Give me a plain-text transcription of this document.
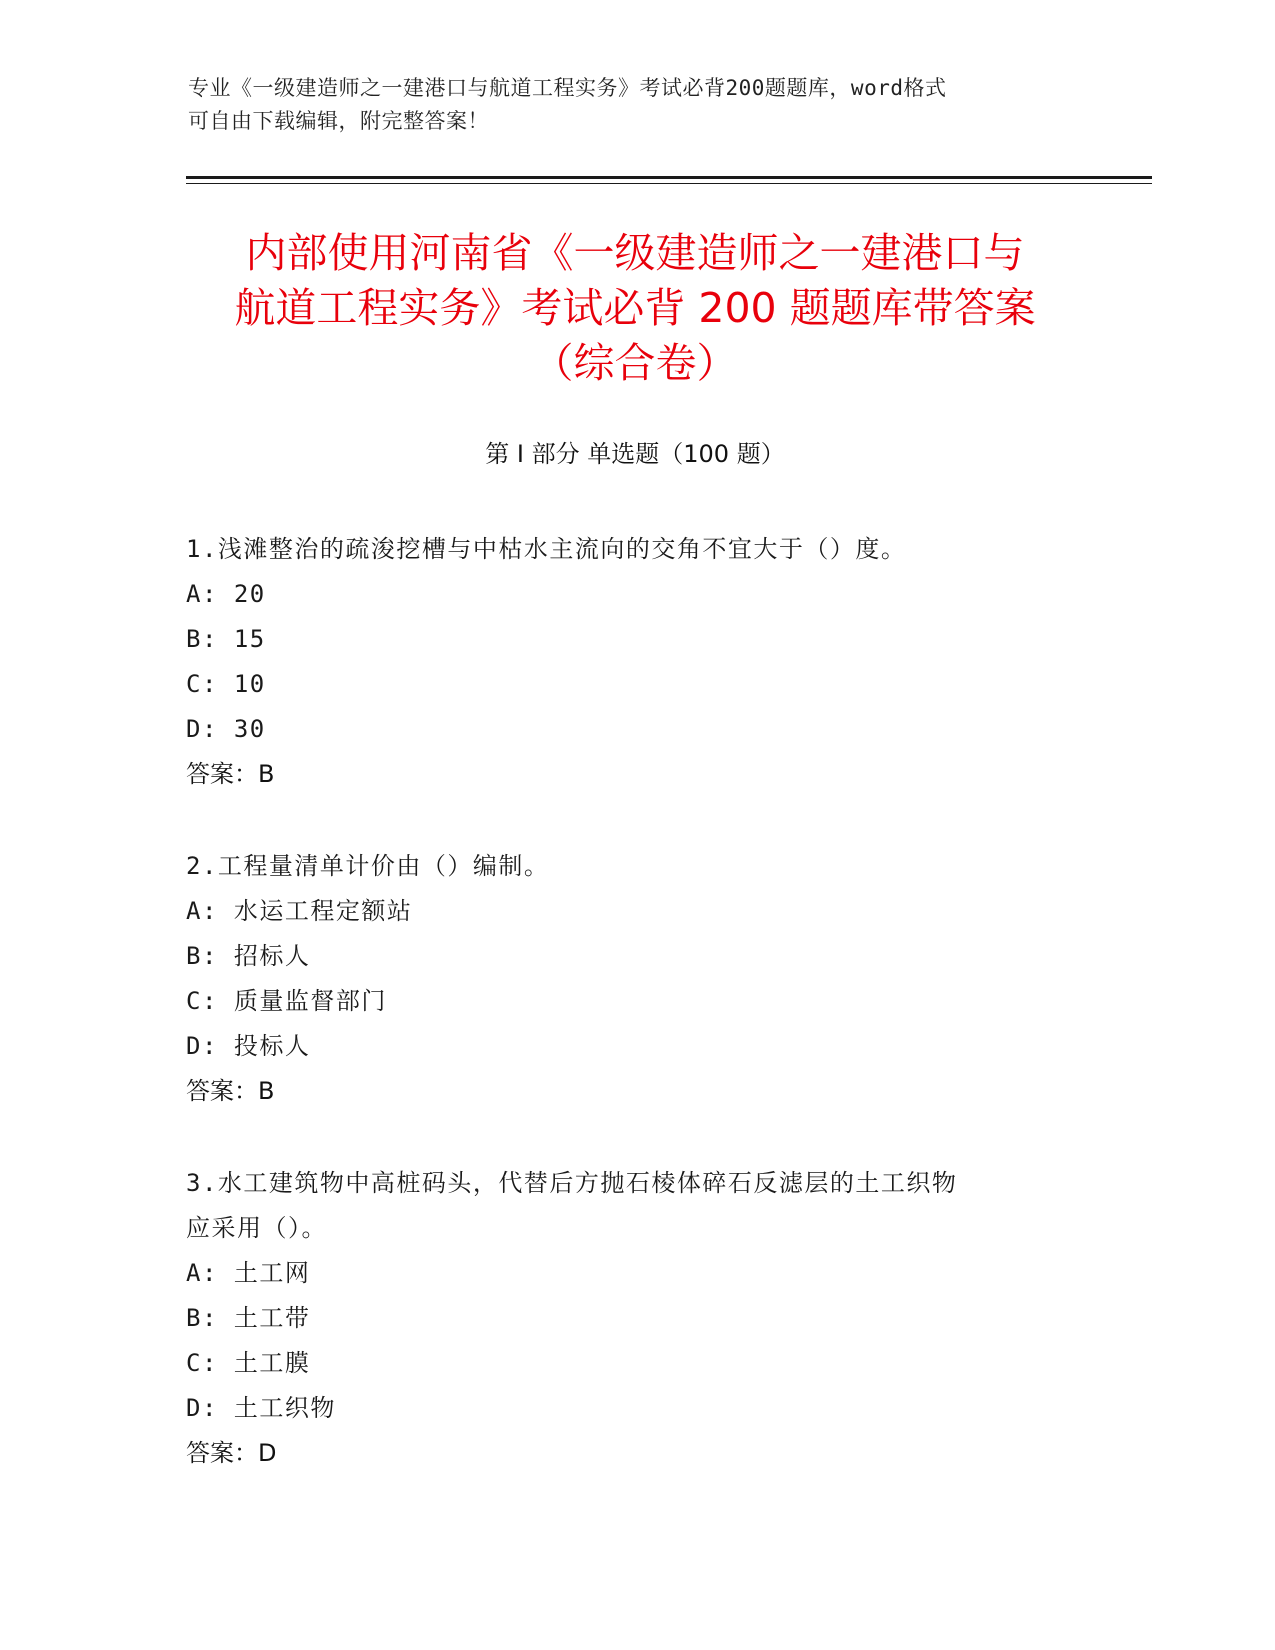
专业《一级建造师之一建港口与航道工程实务》考试必背200题题库，word格式
可自由下载编辑，附完整答案！
内部使用河南省《一级建造师之一建港口与
航道工程实务》考试必背 200 题题库带答案
（综合卷）
第 I 部分 单选题（100 题）
1.浅滩整治的疏浚挖槽与中枯水主流向的交角不宜大于（）度。
A: 20
B: 15
C: 10
D: 30
答案：B
2.工程量清单计价由（）编制。
A: 水运工程定额站
B: 招标人
C: 质量监督部门
D: 投标人
答案：B
3.水工建筑物中高桩码头，代替后方抛石棱体碎石反滤层的土工织物
应采用（）。
A: 土工网
B: 土工带
C: 土工膜
D: 土工织物
答案：D
